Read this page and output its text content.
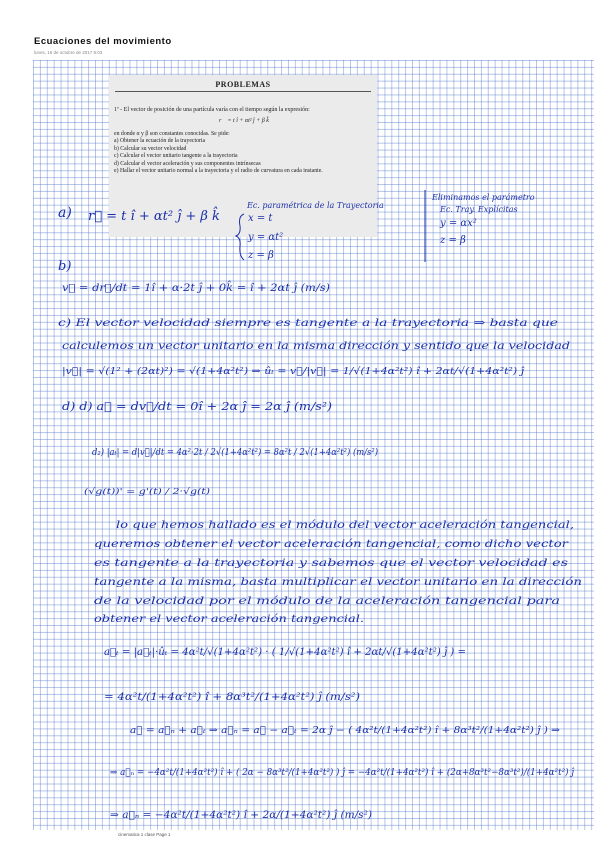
Ecuaciones del movimiento
lunes, 16 de octubre de 2017 8:03
PROBLEMAS
1ª - El vector de posición de una partícula varía con el tiempo según la expresión:
r⃗ = t î + αt² ĵ + β k̂
en donde α y β son constantes conocidas. Se pide:
a) Obtener la ecuación de la trayectoria
b) Calcular su vector velocidad
c) Calcular el vector unitario tangente a la trayectoria
d) Calcular el vector aceleración y sus componentes intrínsecas
e) Hallar el vector unitario normal a la trayectoria y el radio de curvatura en cada instante.
a) r⃗ = t î + αt² ĵ + β k̂
Ec. paramétrica de la Trayectoria
x = t
y = αt²
z = β
Eliminamos el parámetro
Ec. Tray. Explícitas
y = αx²
z = β
b)
v⃗ = dr⃗/dt = 1î + α·2t ĵ + 0k̂ = î + 2αt ĵ (m/s)
c) El vector velocidad siempre es tangente a la trayectoria ⇒ basta que
calculemos un vector unitario en la misma dirección y sentido que la velocidad
|v⃗| = √(1² + (2αt)²) = √(1+4α²t²) ⇒ ûₜ = v⃗/|v⃗| = 1/√(1+4α²t²) î + 2αt/√(1+4α²t²) ĵ
d) d) a⃗ = dv⃗/dt = 0î + 2α ĵ = 2α ĵ (m/s²)
d₂) |aₜ| = d|v⃗|/dt = 4α²·2t / 2√(1+4α²t²) = 8α²t / 2√(1+4α²t²) (m/s²)
(√g(t))' = g'(t) / 2·√g(t)
lo que hemos hallado es el módulo del vector aceleración tangencial,
queremos obtener el vector aceleración tangencial, como dicho vector
es tangente a la trayectoria y sabemos que el vector velocidad es
tangente a la misma, basta multiplicar el vector unitario en la dirección
de la velocidad por el módulo de la aceleración tangencial para
obtener el vector aceleración tangencial.
a⃗ₜ = |a⃗ₜ|·ûₜ = 4α²t/√(1+4α²t²) · ( 1/√(1+4α²t²) î + 2αt/√(1+4α²t²) ĵ ) =
= 4α²t/(1+4α²t²) î + 8α³t²/(1+4α²t²) ĵ (m/s²)
a⃗ = a⃗ₙ + a⃗ₜ ⇒ a⃗ₙ = a⃗ − a⃗ₜ = 2α ĵ − ( 4α²t/(1+4α²t²) î + 8α³t²/(1+4α²t²) ĵ ) ⇒
⇒ a⃗ₙ = −4α²t/(1+4α²t²) î + ( 2α − 8α³t²/(1+4α²t²) ) ĵ = −4α²t/(1+4α²t²) î + (2α+8α³t²−8α³t²)/(1+4α²t²) ĵ
⇒ a⃗ₙ = −4α²t/(1+4α²t²) î + 2α/(1+4α²t²) ĵ (m/s²)
cinematica 1 clase Page 1
